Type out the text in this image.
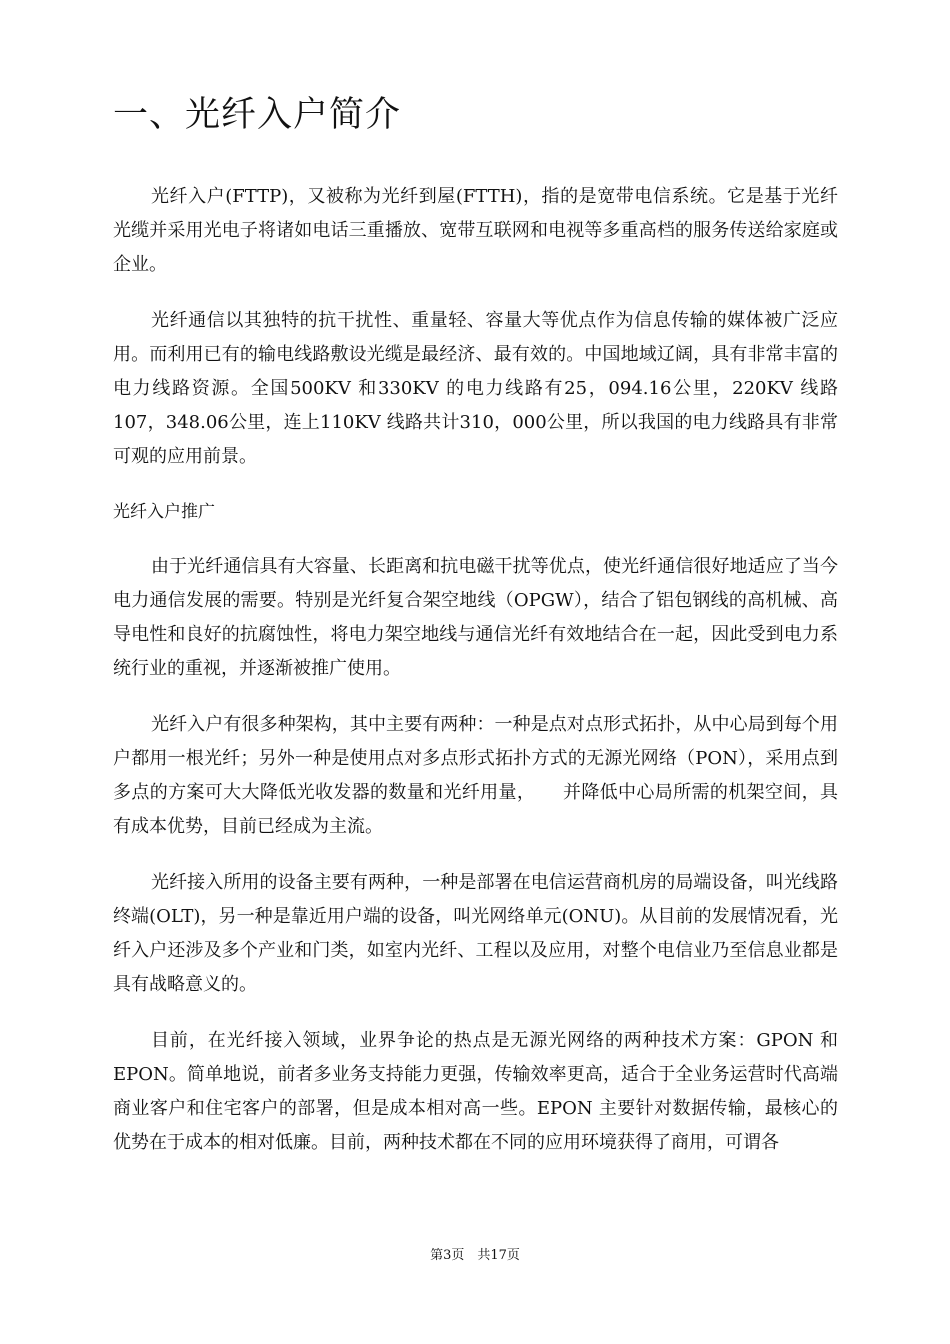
一、光纤入户简介

光纤入户(FTTP)，又被称为光纤到屋(FTTH)，指的是宽带电信系统。它是基于光纤光缆并采用光电子将诸如电话三重播放、宽带互联网和电视等多重高档的服务传送给家庭或企业。

光纤通信以其独特的抗干扰性、重量轻、容量大等优点作为信息传输的媒体被广泛应用。而利用已有的输电线路敷设光缆是最经济、最有效的。中国地域辽阔，具有非常丰富的电力线路资源。全国500KV 和330KV 的电力线路有25，094.16公里，220KV 线路107，348.06公里，连上110KV 线路共计310，000公里，所以我国的电力线路具有非常可观的应用前景。

光纤入户推广

由于光纤通信具有大容量、长距离和抗电磁干扰等优点，使光纤通信很好地适应了当今电力通信发展的需要。特别是光纤复合架空地线（OPGW），结合了铝包钢线的高机械、高导电性和良好的抗腐蚀性，将电力架空地线与通信光纤有效地结合在一起，因此受到电力系统行业的重视，并逐渐被推广使用。

光纤入户有很多种架构，其中主要有两种：一种是点对点形式拓扑，从中心局到每个用户都用一根光纤；另外一种是使用点对多点形式拓扑方式的无源光网络（PON），采用点到多点的方案可大大降低光收发器的数量和光纤用量，　　并降低中心局所需的机架空间，具有成本优势，目前已经成为主流。

光纤接入所用的设备主要有两种，一种是部署在电信运营商机房的局端设备，叫光线路终端(OLT)，另一种是靠近用户端的设备，叫光网络单元(ONU)。从目前的发展情况看，光纤入户还涉及多个产业和门类，如室内光纤、工程以及应用，对整个电信业乃至信息业都是具有战略意义的。

目前，在光纤接入领域，业界争论的热点是无源光网络的两种技术方案：GPON 和EPON。简单地说，前者多业务支持能力更强，传输效率更高，适合于全业务运营时代高端商业客户和住宅客户的部署，但是成本相对高一些。EPON 主要针对数据传输，最核心的优势在于成本的相对低廉。目前，两种技术都在不同的应用环境获得了商用，可谓各

第3页　共17页
